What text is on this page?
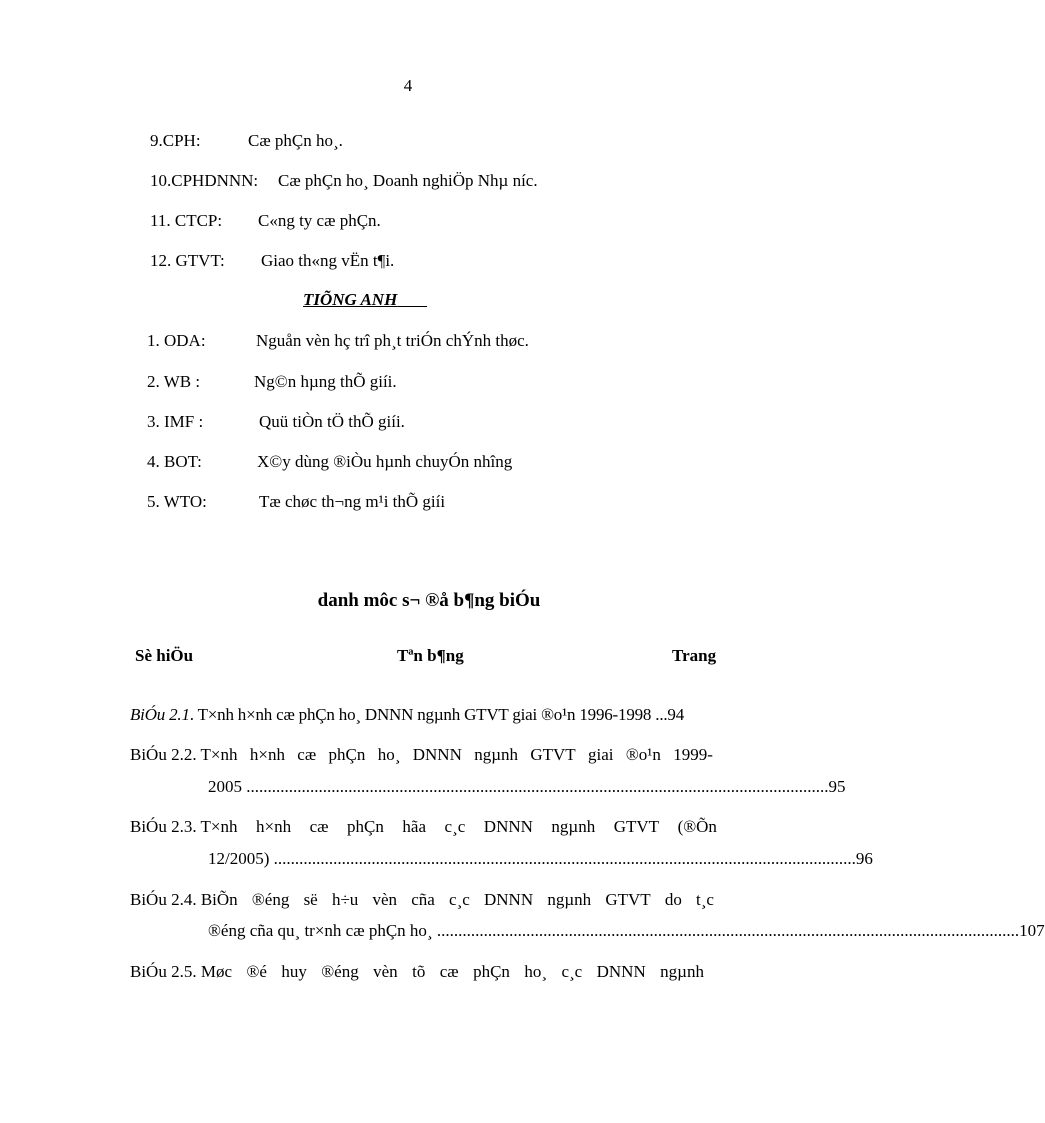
4
9.CPH:	Cæ phÇn ho¸.
10.CPHDNNN: Cæ phÇn ho¸ Doanh nghiÖp Nhµ níc.
11. CTCP: C«ng ty cæ phÇn.
12. GTVT: Giao th«ng vËn t¶i.
TIÕNG ANH
1. ODA:	Nguån vèn hç trî ph¸t triÓn chÝnh thøc.
2. WB :	Ng©n hµng thÕ giíi.
3. IMF :	Quü tiÒn tÖ thÕ giíi.
4. BOT:	X©y dùng ®iÒu hµnh chuyÓn nhîng
5. WTO:	Tæ chøc th¬ng m¹i thÕ giíi
danh môc s¬ ®å b¶ng biÓu
Sè hiÖu	Tªn b¶ng	Trang
BiÓu 2.1. T×nh h×nh cæ phÇn ho¸ DNNN ngµnh GTVT giai ®o¹n 1996-1998 ...94
BiÓu 2.2. T×nh h×nh cæ phÇn ho¸ DNNN ngµnh GTVT giai ®o¹n 1999-
2005 ......................................................................................................................................... 95
BiÓu 2.3. T×nh h×nh cæ phÇn hãa c¸c DNNN ngµnh GTVT (®Õn
12/2005) ......................................................................................................................................... 96
BiÓu 2.4. BiÕn ®éng së h÷u vèn cña c¸c DNNN ngµnh GTVT do t¸c
®éng cña qu¸ tr×nh cæ phÇn ho¸ ......................................................................................................................................... 107
BiÓu 2.5. Møc ®é huy ®éng vèn tõ cæ phÇn ho¸ c¸c DNNN ngµnh
